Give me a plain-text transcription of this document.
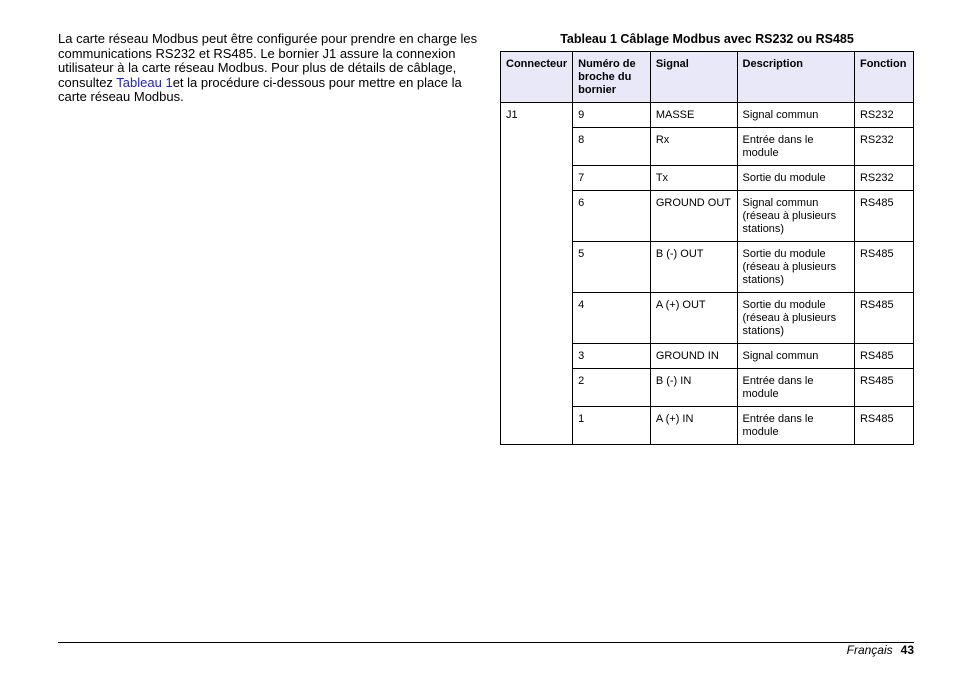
La carte réseau Modbus peut être configurée pour prendre en charge les communications RS232 et RS485. Le bornier J1 assure la connexion utilisateur à la carte réseau Modbus. Pour plus de détails de câblage, consultez Tableau 1et la procédure ci-dessous pour mettre en place la carte réseau Modbus.

Tableau 1 Câblage Modbus avec RS232 ou RS485
Connecteur	Numéro de broche du bornier	Signal	Description	Fonction
J1	9	MASSE	Signal commun	RS232
	8	Rx	Entrée dans le module	RS232
	7	Tx	Sortie du module	RS232
	6	GROUND OUT	Signal commun (réseau à plusieurs stations)	RS485
	5	B (-) OUT	Sortie du module (réseau à plusieurs stations)	RS485
	4	A (+) OUT	Sortie du module (réseau à plusieurs stations)	RS485
	3	GROUND IN	Signal commun	RS485
	2	B (-) IN	Entrée dans le module	RS485
	1	A (+) IN	Entrée dans le module	RS485
Français 43
